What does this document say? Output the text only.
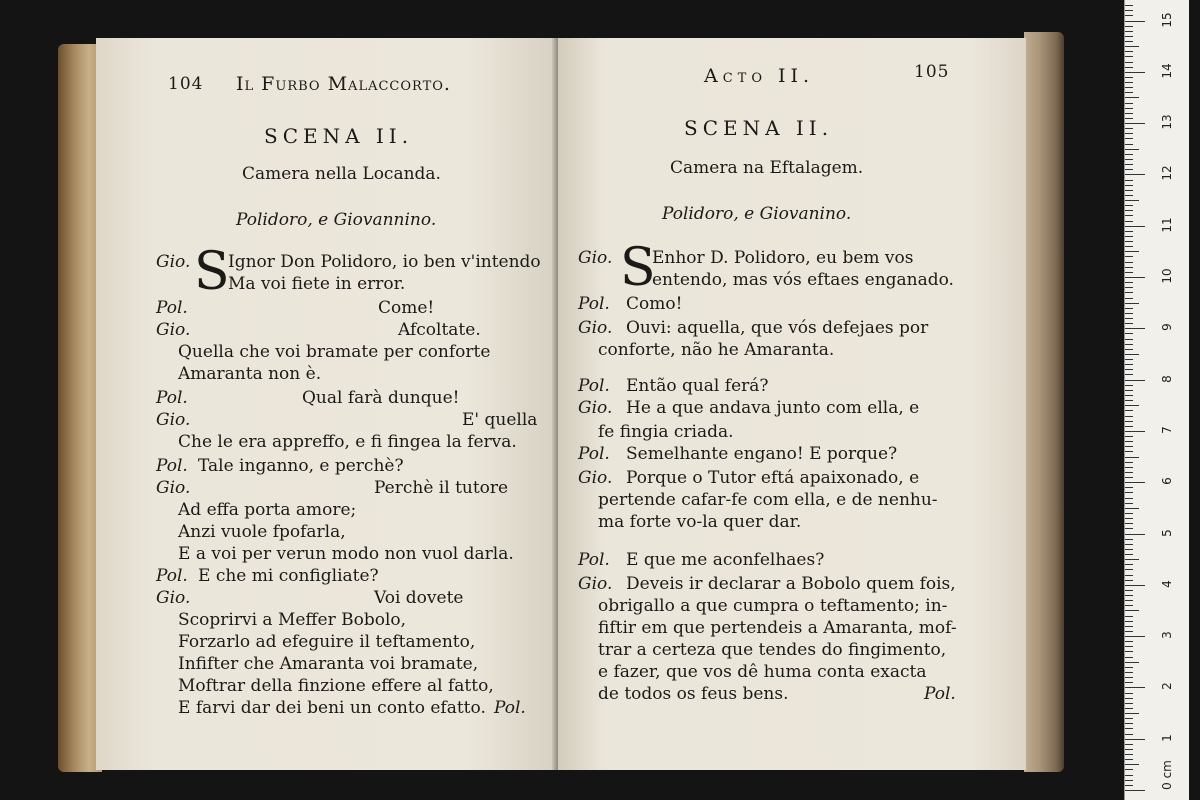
104 Il Furbo Malaccorto.
SCENA II.
Camera nella Locanda.
Polidoro, e Giovannino.
S
Gio. Ignor Don Polidoro, io ben v'intendo
Ma voi fiete in error.
Pol.	Come!
Gio.	Afcoltate.
Quella che voi bramate per conforte
Amaranta non è.
Pol.	Qual farà dunque!
Gio.	E' quella
Che le era appreffo, e fi fingea la ferva.
Pol. Tale inganno, e perchè?
Gio.	Perchè il tutore
Ad effa porta amore;
Anzi vuole fpofarla,
E a voi per verun modo non vuol darla.
Pol. E che mi configliate?
Gio.	Voi dovete
Scoprirvi a Meffer Bobolo,
Forzarlo ad efeguire il teftamento,
Infifter che Amaranta voi bramate,
Moftrar della finzione effere al fatto,
E farvi dar dei beni un conto efatto. Pol.
Acto II.	105
SCENA II.
Camera na Eftalagem.
Polidoro, e Giovanino.
S
Gio. Enhor D. Polidoro, eu bem vos
entendo, mas vós eftaes enganado.
Pol. Como!
Gio. Ouvi: aquella, que vós defejaes por
conforte, não he Amaranta.
Pol. Então qual ferá?
Gio. He a que andava junto com ella, e
fe fingia criada.
Pol. Semelhante engano! E porque?
Gio. Porque o Tutor eftá apaixonado, e
pertende cafar-fe com ella, e de nenhu-
ma forte vo-la quer dar.
Pol. E que me aconfelhaes?
Gio. Deveis ir declarar a Bobolo quem fois,
obrigallo a que cumpra o teftamento; in-
fiftir em que pertendeis a Amaranta, mof-
trar a certeza que tendes do fingimento,
e fazer, que vos dê huma conta exacta
de todos os feus bens.	Pol.
0 cm
1
2
3
4
5
6
7
8
9
10
11
12
13
14
15
